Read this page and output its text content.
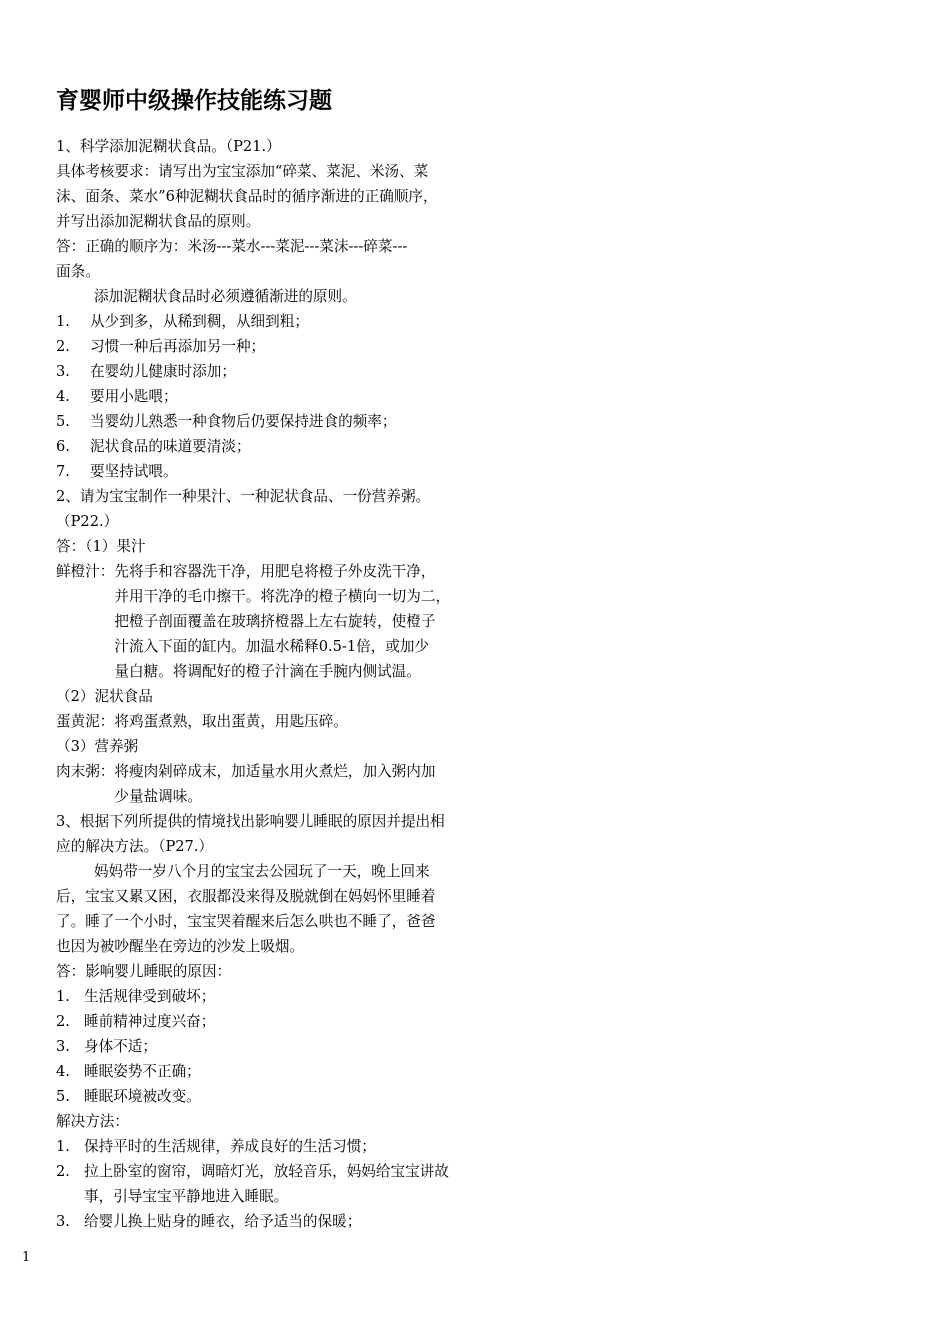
育婴师中级操作技能练习题
1、科学添加泥糊状食品。（P21.）
具体考核要求：请写出为宝宝添加“碎菜、菜泥、米汤、菜
沫、面条、菜水”6种泥糊状食品时的循序渐进的正确顺序，
并写出添加泥糊状食品的原则。
答：正确的顺序为：米汤---菜水---菜泥---菜沫---碎菜---
面条。
添加泥糊状食品时必须遵循渐进的原则。
1. 从少到多，从稀到稠，从细到粗；
2. 习惯一种后再添加另一种；
3. 在婴幼儿健康时添加；
4. 要用小匙喂；
5. 当婴幼儿熟悉一种食物后仍要保持进食的频率；
6. 泥状食品的味道要清淡；
7. 要坚持试喂。
2、请为宝宝制作一种果汁、一种泥状食品、一份营养粥。
（P22.）
答：（1）果汁
鲜橙汁： 先将手和容器洗干净，用肥皂将橙子外皮洗干净，
并用干净的毛巾擦干。将洗净的橙子横向一切为二，
把橙子剖面覆盖在玻璃挤橙器上左右旋转，使橙子
汁流入下面的缸内。加温水稀释0.5-1倍，或加少
量白糖。将调配好的橙子汁滴在手腕内侧试温。
（2）泥状食品
蛋黄泥： 将鸡蛋煮熟，取出蛋黄，用匙压碎。
（3）营养粥
肉末粥： 将瘦肉剁碎成末，加适量水用火煮烂，加入粥内加
少量盐调味。
3、根据下列所提供的情境找出影响婴儿睡眠的原因并提出相
应的解决方法。（P27.）
妈妈带一岁八个月的宝宝去公园玩了一天，晚上回来
后，宝宝又累又困，衣服都没来得及脱就倒在妈妈怀里睡着
了。睡了一个小时，宝宝哭着醒来后怎么哄也不睡了，爸爸
也因为被吵醒坐在旁边的沙发上吸烟。
答：影响婴儿睡眠的原因：
1. 生活规律受到破坏；
2. 睡前精神过度兴奋；
3. 身体不适；
4. 睡眠姿势不正确；
5. 睡眠环境被改变。
解决方法：
1. 保持平时的生活规律，养成良好的生活习惯；
2. 拉上卧室的窗帘，调暗灯光，放轻音乐，妈妈给宝宝讲故
事，引导宝宝平静地进入睡眠。
3. 给婴儿换上贴身的睡衣，给予适当的保暖；
1
